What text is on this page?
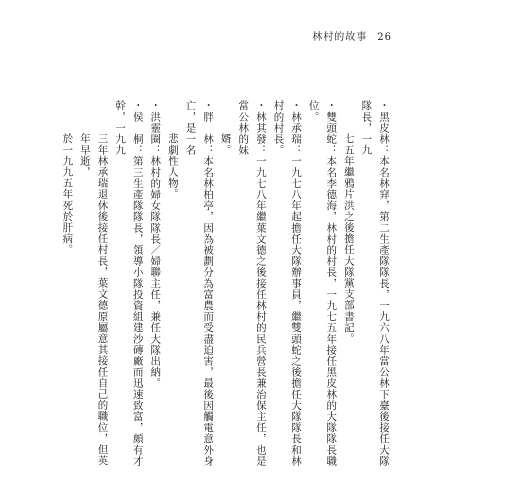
林村的故事 26
・黑皮林：本名林穽，第二生產隊隊長，一九六八年當公林下臺後接任大隊隊長，一九
七五年繼鴉片洪之後擔任大隊黨支部書記。
・雙頭蛇：本名李德海，林村的村長，一九七五年接任黑皮林的大隊隊長職位。
・林承瑞：一九七八年起擔任大隊辦事員，繼雙頭蛇之後擔任大隊隊長和林村的村長。
・林其發：一九七八年繼葉文德之後接任林村的民兵營長兼治保主任，也是當公林的妹
婿。
・胖　林：本名林柏亭，因為被劃分為富農而受盡迫害，最後因觸電意外身亡，是一名
悲劇性人物。
・洪靈圈：林村的婦女隊隊長／婦聯主任，兼任大隊出納。
・侯　桐：第三生產隊隊長，領導小隊投資組建沙磚廠而迅速致富，頗有才幹，一九九
三年林承瑞退休後接任村長，葉文德原屬意其接任自己的職位，但英年早逝，
於一九九五年死於肝病。
